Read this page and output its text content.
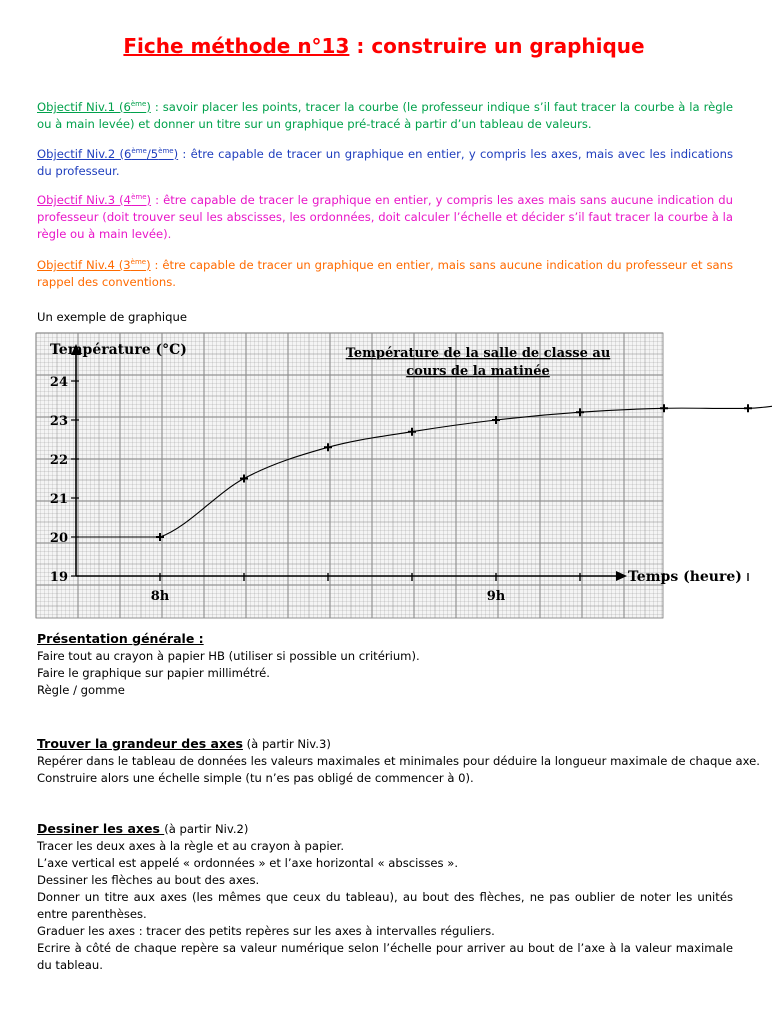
Fiche méthode n°13 : construire un graphique

Objectif Niv.1 (6ème) : savoir placer les points, tracer la courbe (le professeur indique s’il faut tracer la courbe à la règle ou à main levée) et donner un titre sur un graphique pré-tracé à partir d’un tableau de valeurs.

Objectif Niv.2 (6ème/5ème) : être capable de tracer un graphique en entier, y compris les axes, mais avec les indications du professeur.

Objectif Niv.3 (4ème) : être capable de tracer le graphique en entier, y compris les axes mais sans aucune indication du professeur (doit trouver seul les abscisses, les ordonnées, doit calculer l’échelle et décider s’il faut tracer la courbe à la règle ou à main levée).

Objectif Niv.4 (3ème) : être capable de tracer un graphique en entier, mais sans aucune indication du professeur et sans rappel des conventions.

Un exemple de graphique

19
20
21
22
23
24
8h	9h
Température (°C)
Temps (heure)
Température de la salle de classe au
cours de la matinée
Présentation générale :
Faire tout au crayon à papier HB (utiliser si possible un critérium).
Faire le graphique sur papier millimétré.
Règle / gomme
Trouver la grandeur des axes (à partir Niv.3)
Repérer dans le tableau de données les valeurs maximales et minimales pour déduire la longueur maximale de chaque axe.
Construire alors une échelle simple (tu n’es pas obligé de commencer à 0).
Dessiner les axes (à partir Niv.2)
Tracer les deux axes à la règle et au crayon à papier.
L’axe vertical est appelé « ordonnées » et l’axe horizontal « abscisses ».
Dessiner les flèches au bout des axes.
Donner un titre aux axes (les mêmes que ceux du tableau), au bout des flèches, ne pas oublier de noter les unités entre parenthèses.
Graduer les axes : tracer des petits repères sur les axes à intervalles réguliers.
Ecrire à côté de chaque repère sa valeur numérique selon l’échelle pour arriver au bout de l’axe à la valeur maximale du tableau.
